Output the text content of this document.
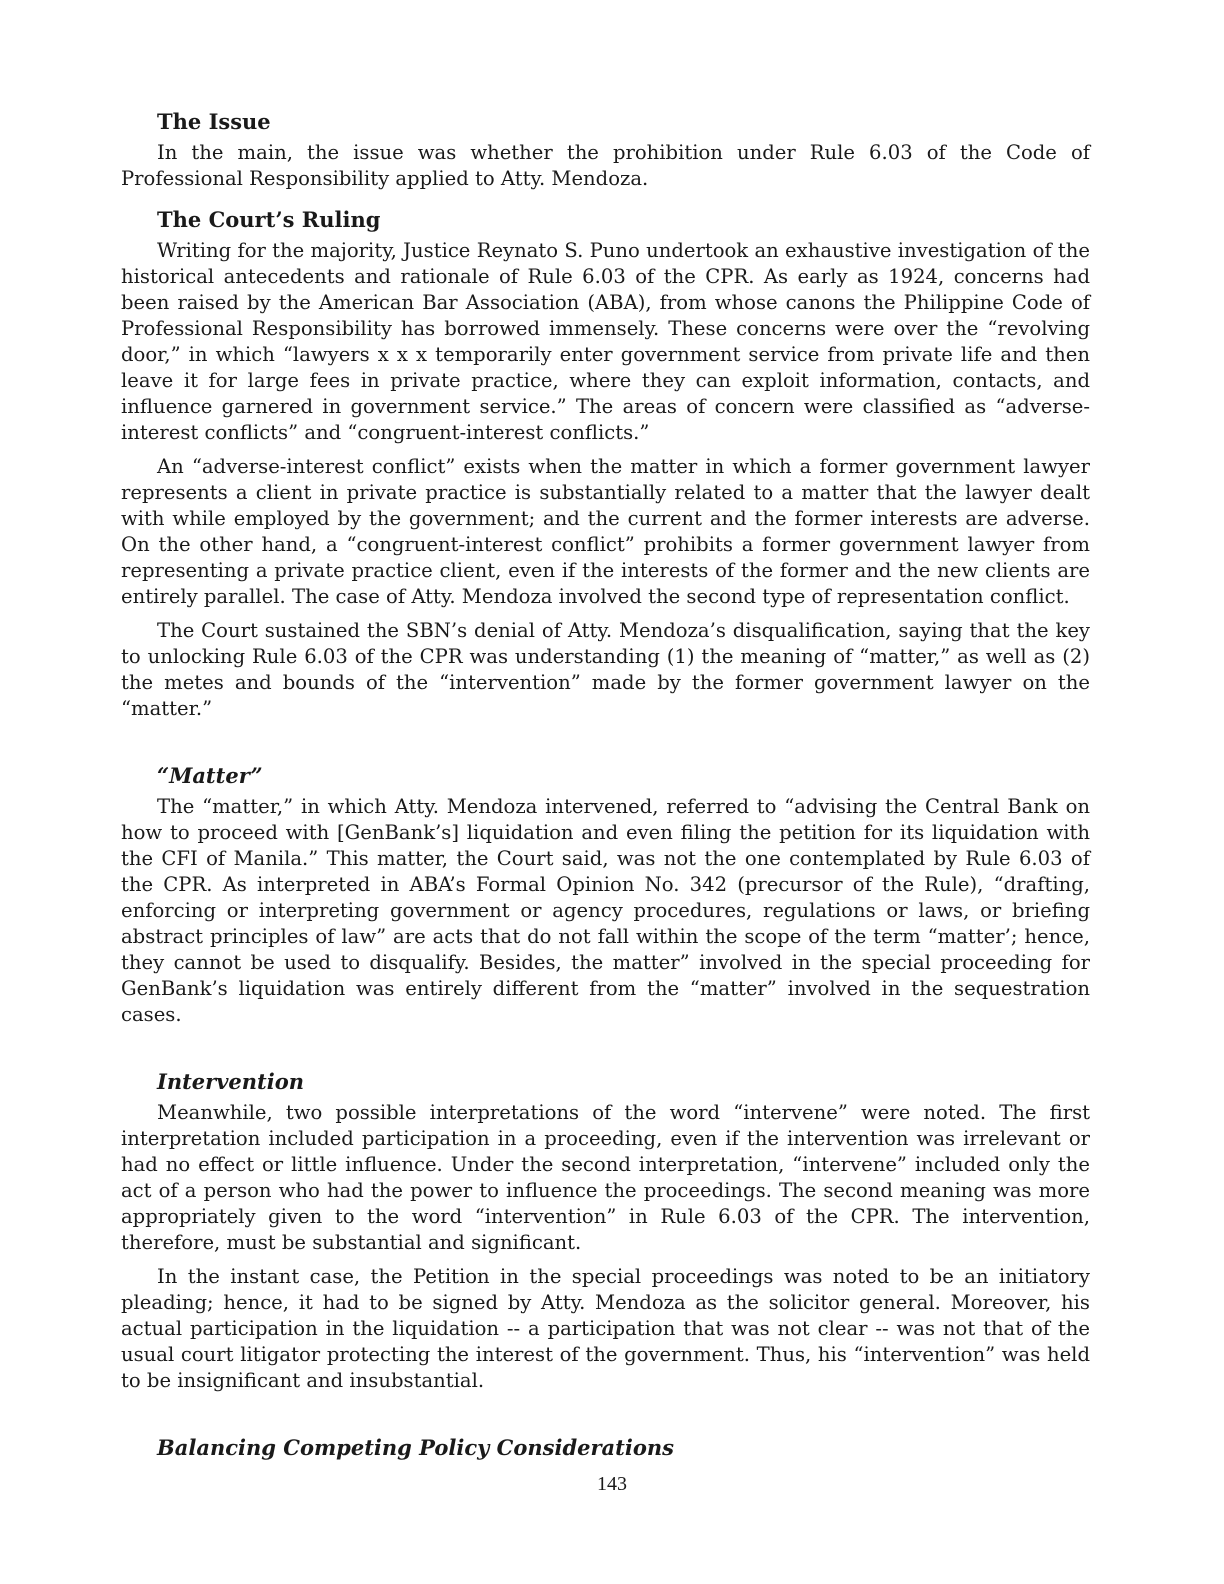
The Issue

In the main, the issue was whether the prohibition under Rule 6.03 of the Code of Professional Responsibility applied to Atty. Mendoza.

The Court’s Ruling

Writing for the majority, Justice Reynato S. Puno undertook an exhaustive investigation of the historical antecedents and rationale of Rule 6.03 of the CPR. As early as 1924, concerns had been raised by the American Bar Association (ABA), from whose canons the Philippine Code of Professional Responsibility has borrowed immensely. These concerns were over the “revolving door,” in which “lawyers x x x temporarily enter government service from private life and then leave it for large fees in private practice, where they can exploit information, contacts, and influence garnered in government service.” The areas of concern were classified as “adverse-interest conflicts” and “congruent-interest conflicts.”

An “adverse-interest conflict” exists when the matter in which a former government lawyer represents a client in private practice is substantially related to a matter that the lawyer dealt with while employed by the government; and the current and the former interests are adverse. On the other hand, a “congruent-interest conflict” prohibits a former government lawyer from representing a private practice client, even if the interests of the former and the new clients are entirely parallel. The case of Atty. Mendoza involved the second type of representation conflict.

The Court sustained the SBN’s denial of Atty. Mendoza’s disqualification, saying that the key to unlocking Rule 6.03 of the CPR was understanding (1) the meaning of “matter,” as well as (2) the metes and bounds of the “intervention” made by the former government lawyer on the “matter.”

“Matter”

The “matter,” in which Atty. Mendoza intervened, referred to “advising the Central Bank on how to proceed with [GenBank’s] liquidation and even filing the petition for its liquidation with the CFI of Manila.” This matter, the Court said, was not the one contemplated by Rule 6.03 of the CPR. As interpreted in ABA’s Formal Opinion No. 342 (precursor of the Rule), “drafting, enforcing or interpreting government or agency procedures, regulations or laws, or briefing abstract principles of law” are acts that do not fall within the scope of the term “matter’; hence, they cannot be used to disqualify. Besides, the matter” involved in the special proceeding for GenBank’s liquidation was entirely different from the “matter” involved in the sequestration cases.

Intervention

Meanwhile, two possible interpretations of the word “intervene” were noted. The first interpretation included participation in a proceeding, even if the intervention was irrelevant or had no effect or little influence. Under the second interpretation, “intervene” included only the act of a person who had the power to influence the proceedings. The second meaning was more appropriately given to the word “intervention” in Rule 6.03 of the CPR. The intervention, therefore, must be substantial and significant.

In the instant case, the Petition in the special proceedings was noted to be an initiatory pleading; hence, it had to be signed by Atty. Mendoza as the solicitor general. Moreover, his actual participation in the liquidation -- a participation that was not clear -- was not that of the usual court litigator protecting the interest of the government. Thus, his “intervention” was held to be insignificant and insubstantial.

Balancing Competing Policy Considerations
143
